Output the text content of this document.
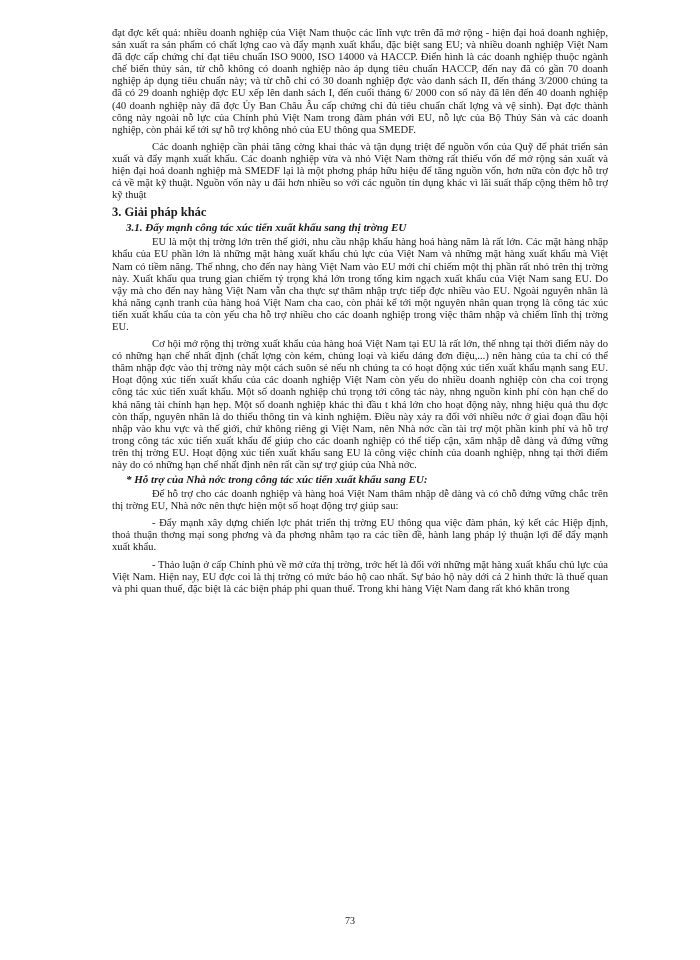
đạt đợc kết quả: nhiều doanh nghiệp của Việt Nam thuộc các lĩnh vực trên đã mở rộng - hiện đại hoá doanh nghiệp, sản xuất ra sản phẩm có chất lợng cao và đẩy mạnh xuất khẩu, đặc biệt sang EU; và nhiều doanh nghiệp Việt Nam đã đợc cấp chứng chỉ đạt tiêu chuẩn ISO 9000, ISO 14000 và HACCP. Điển hình là các doanh nghiệp thuộc ngành chế biến thủy sản, từ chỗ không có doanh nghiệp nào áp dụng tiêu chuẩn HACCP, đến nay đã có gần 70 doanh nghiệp áp dụng tiêu chuẩn này; và từ chỗ chỉ có 30 doanh nghiệp đợc vào danh sách II, đến tháng 3/2000 chúng ta đã có 29 doanh nghiệp đợc EU xếp lên danh sách I, đến cuối tháng 6/ 2000 con số này đã lên đến 40 doanh nghiệp (40 doanh nghiệp này đã đợc Ủy Ban Châu Âu cấp chứng chỉ đủ tiêu chuẩn chất lợng và vệ sinh). Đạt đợc thành công này ngoài nỗ lực của Chính phủ Việt Nam trong đàm phán với EU, nỗ lực của Bộ Thủy Sản và các doanh nghiệp, còn phải kể tới sự hỗ trợ không nhỏ của EU thông qua SMEDF.

Các doanh nghiệp cần phải tăng cờng khai thác và tận dụng triệt để nguồn vốn của Quỹ để phát triển sản xuất và đẩy mạnh xuất khẩu. Các doanh nghiệp vừa và nhỏ Việt Nam thờng rất thiếu vốn để mở rộng sản xuất và hiện đại hoá doanh nghiệp mà SMEDF lại là một phơng pháp hữu hiệu để tăng nguồn vốn, hơn nữa còn đợc hỗ trợ cả về mặt kỹ thuật. Nguồn vốn này u đãi hơn nhiều so với các nguồn tín dụng khác vì lãi suất thấp cộng thêm hỗ trợ kỹ thuật

3. Giải pháp khác
3.1. Đẩy mạnh công tác xúc tiến xuất khẩu sang thị trờng EU

EU là một thị trờng lớn trên thế giới, nhu cầu nhập khẩu hàng hoá hàng năm là rất lớn. Các mặt hàng nhập khẩu của EU phần lớn là những mặt hàng xuất khẩu chủ lực của Việt Nam và những mặt hàng xuất khẩu mà Việt Nam có tiềm năng. Thế nhng, cho đến nay hàng Việt Nam vào EU mới chỉ chiếm một thị phần rất nhỏ trên thị trờng này. Xuất khẩu qua trung gian chiếm tỷ trọng khá lớn trong tổng kim ngạch xuất khẩu của Việt Nam sang EU. Do vậy mà cho đến nay hàng Việt Nam vẫn cha thực sự thâm nhập trực tiếp đợc nhiều vào EU. Ngoài nguyên nhân là khả năng cạnh tranh của hàng hoá Việt Nam cha cao, còn phải kể tới một nguyên nhân quan trọng là công tác xúc tiến xuất khẩu của ta còn yếu cha hỗ trợ nhiều cho các doanh nghiệp trong việc thâm nhập và chiếm lĩnh thị trờng EU.

Cơ hội mở rộng thị trờng xuất khẩu của hàng hoá Việt Nam tại EU là rất lớn, thế nhng tại thời điểm này do có những hạn chế nhất định (chất lợng còn kém, chủng loại và kiểu dáng đơn điệu,...) nên hàng của ta chỉ có thể thâm nhập đợc vào thị trờng này một cách suôn sẻ nếu nh chúng ta có hoạt động xúc tiến xuất khẩu mạnh sang EU. Hoạt động xúc tiến xuất khẩu của các doanh nghiệp Việt Nam còn yếu do nhiều doanh nghiệp còn cha coi trọng công tác xúc tiến xuất khẩu. Một số doanh nghiệp chú trọng tới công tác này, nhng nguồn kinh phí còn hạn chế do khả năng tài chính hạn hẹp. Một số doanh nghiệp khác thì đầu t khá lớn cho hoạt động này, nhng hiệu quả thu đợc còn thấp, nguyên nhân là do thiếu thông tin và kinh nghiệm. Điều này xảy ra đối với nhiều nớc ở giai đoạn đầu hội nhập vào khu vực và thế giới, chứ không riêng gì Việt Nam, nên Nhà nớc cần tài trợ một phần kinh phí và hỗ trợ trong công tác xúc tiến xuất khẩu để giúp cho các doanh nghiệp có thể tiếp cận, xâm nhập dễ dàng và đứng vững trên thị trờng EU. Hoạt động xúc tiến xuất khẩu sang EU là công việc chính của doanh nghiệp, nhng tại thời điểm này do có những hạn chế nhất định nên rất cần sự trợ giúp của Nhà nớc.

* Hỗ trợ của Nhà nớc trong công tác xúc tiến xuất khẩu sang EU:

Để hỗ trợ cho các doanh nghiệp và hàng hoá Việt Nam thâm nhập dễ dàng và có chỗ đứng vững chắc trên thị trờng EU, Nhà nớc nên thực hiện một số hoạt động trợ giúp sau:

- Đẩy mạnh xây dựng chiến lợc phát triển thị trờng EU thông qua việc đàm phán, ký kết các Hiệp định, thoả thuận thơng mại song phơng và đa phơng nhằm tạo ra các tiền đề, hành lang pháp lý thuận lợi để đẩy mạnh xuất khẩu.

- Thảo luận ở cấp Chính phủ về mở cửa thị trờng, trớc hết là đối với những mặt hàng xuất khẩu chủ lực của Việt Nam. Hiện nay, EU đợc coi là thị trờng có mức bảo hộ cao nhất. Sự bảo hộ này dới cả 2 hình thức là thuế quan và phi quan thuế, đặc biệt là các biện pháp phi quan thuế. Trong khi hàng Việt Nam đang rất khó khăn trong

73
